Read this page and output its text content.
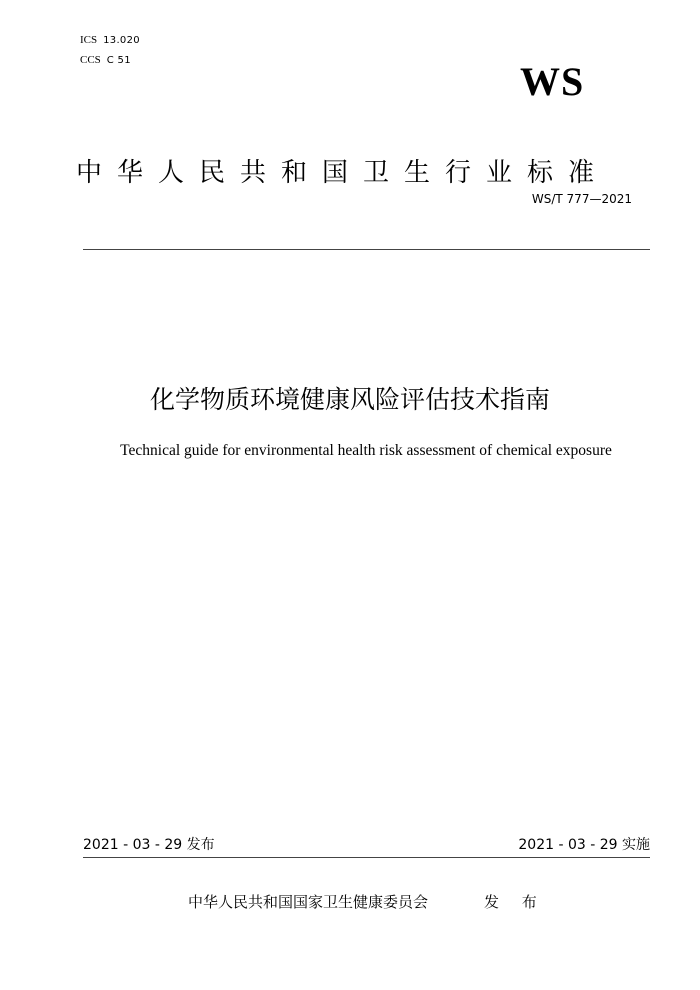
ICS 13.020
CCS C 51	WS
中华人民共和国卫生行业标准
WS/T 777—2021
化学物质环境健康风险评估技术指南
Technical guide for environmental health risk assessment of chemical exposure
2021 - 03 - 29 发布	2021 - 03 - 29 实施
中华人民共和国国家卫生健康委员会	发 布
